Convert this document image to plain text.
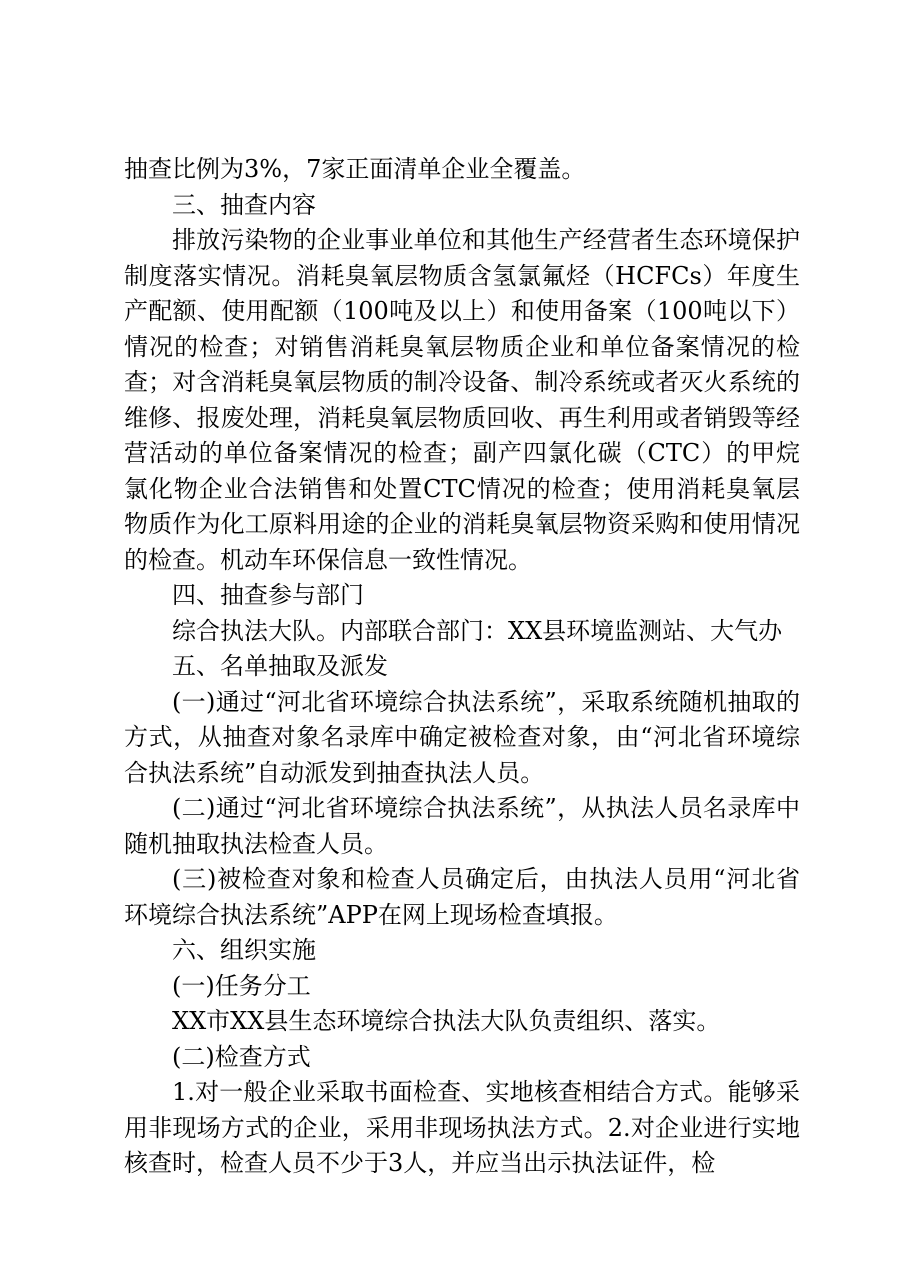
抽查比例为3%，7家正面清单企业全覆盖。

三、抽查内容

排放污染物的企业事业单位和其他生产经营者生态环境保护制度落实情况。消耗臭氧层物质含氢氯氟烃（HCFCs）年度生产配额、使用配额（100吨及以上）和使用备案（100吨以下）情况的检查；对销售消耗臭氧层物质企业和单位备案情况的检查；对含消耗臭氧层物质的制冷设备、制冷系统或者灭火系统的维修、报废处理，消耗臭氧层物质回收、再生利用或者销毁等经营活动的单位备案情况的检查；副产四氯化碳（CTC）的甲烷氯化物企业合法销售和处置CTC情况的检查；使用消耗臭氧层物质作为化工原料用途的企业的消耗臭氧层物资采购和使用情况的检查。机动车环保信息一致性情况。

四、抽查参与部门

综合执法大队。内部联合部门：XX县环境监测站、大气办

五、名单抽取及派发

(一)通过“河北省环境综合执法系统”，采取系统随机抽取的方式，从抽查对象名录库中确定被检查对象，由“河北省环境综合执法系统”自动派发到抽查执法人员。

(二)通过“河北省环境综合执法系统”，从执法人员名录库中随机抽取执法检查人员。

(三)被检查对象和检查人员确定后，由执法人员用“河北省环境综合执法系统”APP在网上现场检查填报。

六、组织实施

(一)任务分工

XX市XX县生态环境综合执法大队负责组织、落实。

(二)检查方式

1.对一般企业采取书面检查、实地核查相结合方式。能够采用非现场方式的企业，采用非现场执法方式。2.对企业进行实地核查时，检查人员不少于3人，并应当出示执法证件，检
